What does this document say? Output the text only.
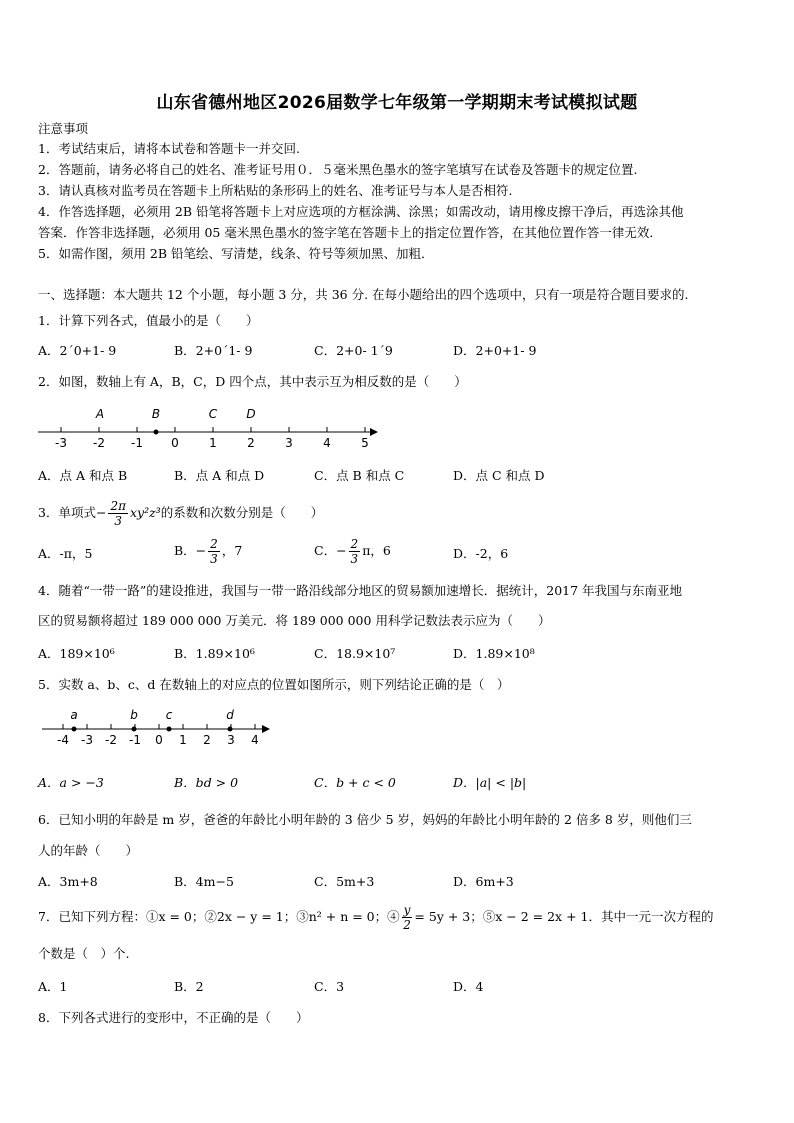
山东省德州地区2026届数学七年级第一学期期末考试模拟试题
注意事项
1．考试结束后，请将本试卷和答题卡一并交回.
2．答题前，请务必将自己的姓名、准考证号用０．５毫米黑色墨水的签字笔填写在试卷及答题卡的规定位置.
3．请认真核对监考员在答题卡上所粘贴的条形码上的姓名、准考证号与本人是否相符.
4．作答选择题，必须用 2B 铅笔将答题卡上对应选项的方框涂满、涂黑；如需改动，请用橡皮擦干净后，再选涂其他
答案．作答非选择题，必须用 05 毫米黑色墨水的签字笔在答题卡上的指定位置作答，在其他位置作答一律无效．
5．如需作图，须用 2B 铅笔绘、写清楚，线条、符号等须加黑、加粗．
一、选择题：本大题共 12 个小题，每小题 3 分，共 36 分. 在每小题给出的四个选项中，只有一项是符合题目要求的.
1．计算下列各式，值最小的是（　　）
A．2´0+1- 9	B．2+0´1- 9	C．2+0- 1´9	D．2+0+1- 9
2．如图，数轴上有 A，B，C，D 四个点，其中表示互为相反数的是（　　）
-3 -2 -1 0	1	2	3	4	5
A	B	C D
A．点 A 和点 B	B．点 A 和点 D	C．点 B 和点 C	D．点 C 和点 D
3．单项式− $\frac{2\pi}{3} xy^2z^3$的系数和次数分别是（　　）
A．-π，5	B．− $\frac{2}{3}$ ，7	C．− $\frac{2}{3}$ π，6	D．-2，6
4．随着“一带一路”的建设推进，我国与一带一路沿线部分地区的贸易额加速增长．据统计，2017 年我国与东南亚地
区的贸易额将超过 189 000 000 万美元．将 189 000 000 用科学记数法表示应为（　　）
A．189×10⁶	B．1.89×10⁶	C．18.9×10⁷	D．1.89×10⁸
5．实数 a、b、c、d 在数轴上的对应点的位置如图所示，则下列结论正确的是（　）
-4 -3 -2 -1 0 1 2 3 4
a	b c	d
A．a > −3	B．bd > 0	C．b + c < 0	D．|a| < |b|
6．已知小明的年龄是 m 岁，爸爸的年龄比小明年龄的 3 倍少 5 岁，妈妈的年龄比小明年龄的 2 倍多 8 岁，则他们三
人的年龄（　　）
A．3m+8	B．4m−5	C．5m+3	D．6m+3
7．已知下列方程：①x = 0；②2x − y = 1；③n² + n = 0；④ $\frac{y}{2} = 5y + 3$；⑤x − 2 = 2x + 1．其中一元一次方程的
个数是（　）个.
A．1	B．2	C．3	D．4
8．下列各式进行的变形中，不正确的是（　　）
